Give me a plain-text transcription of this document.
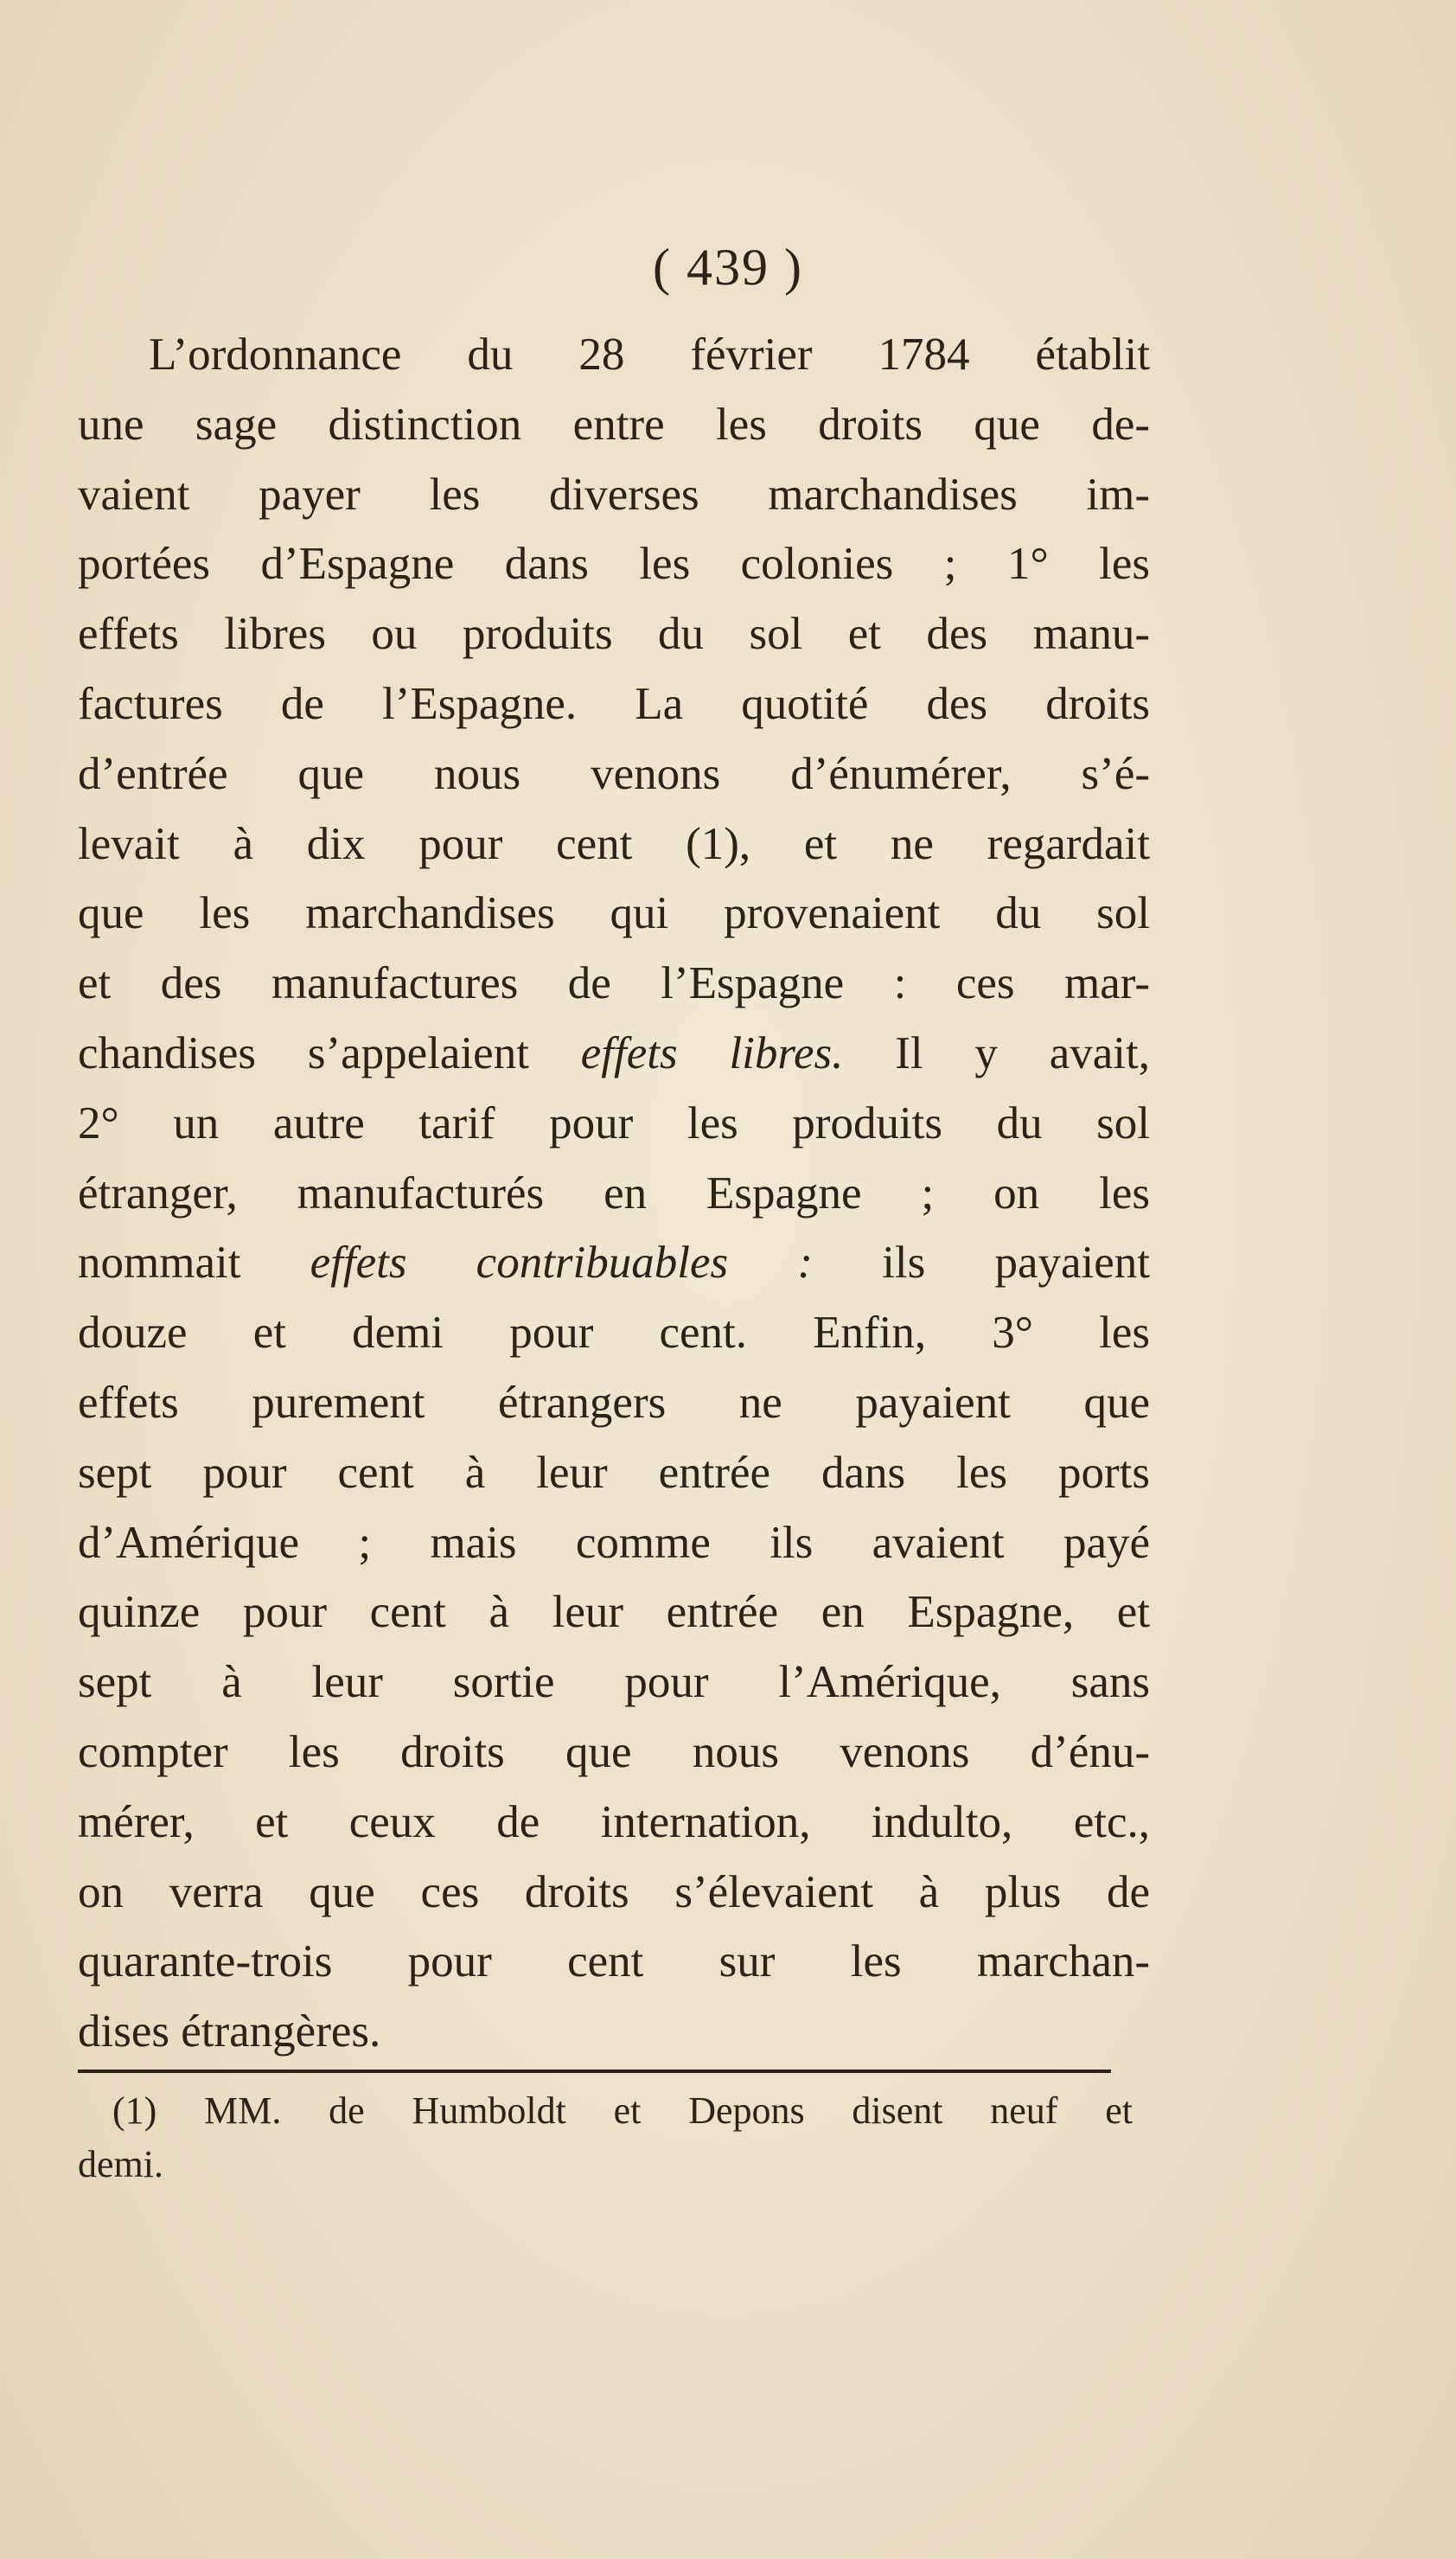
( 439 )
L’ordonnance du 28 février 1784 établit
une sage distinction entre les droits que de-
vaient payer les diverses marchandises im-
portées d’Espagne dans les colonies ; 1° les
effets libres ou produits du sol et des manu-
factures de l’Espagne. La quotité des droits
d’entrée que nous venons d’énumérer, s’é-
levait à dix pour cent (1), et ne regardait
que les marchandises qui provenaient du sol
et des manufactures de l’Espagne : ces mar-
chandises s’appelaient effets libres. Il y avait,
2° un autre tarif pour les produits du sol
étranger, manufacturés en Espagne ; on les
nommait effets contribuables : ils payaient
douze et demi pour cent. Enfin, 3° les
effets purement étrangers ne payaient que
sept pour cent à leur entrée dans les ports
d’Amérique ; mais comme ils avaient payé
quinze pour cent à leur entrée en Espagne, et
sept à leur sortie pour l’Amérique, sans
compter les droits que nous venons d’énu-
mérer, et ceux de internation, indulto, etc.,
on verra que ces droits s’élevaient à plus de
quarante-trois pour cent sur les marchan-
dises étrangères.
(1) MM. de Humboldt et Depons disent neuf et
demi.
